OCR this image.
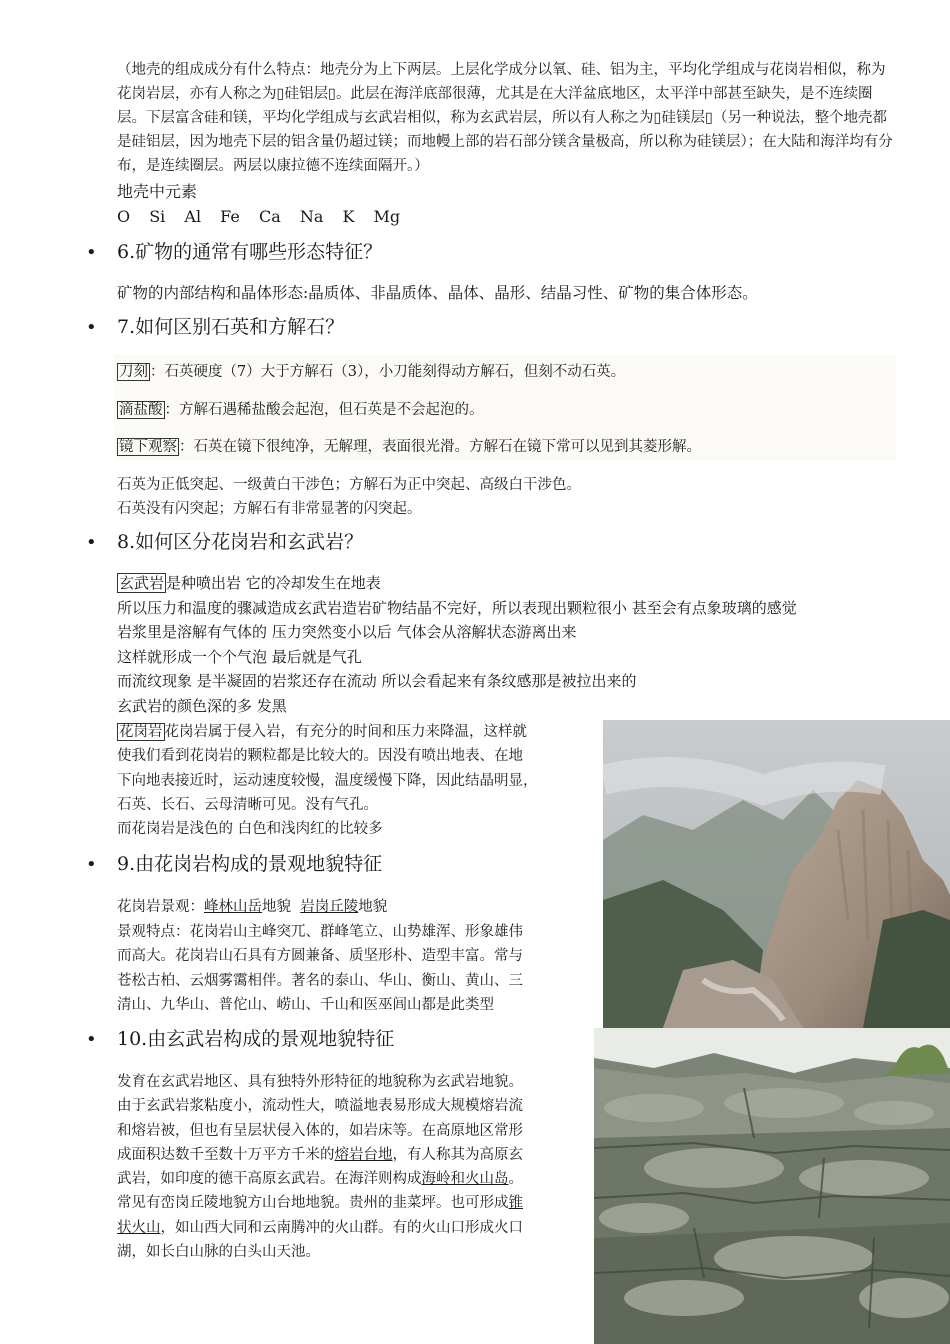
（地壳的组成成分有什么特点：地壳分为上下两层。上层化学成分以氧、硅、铝为主，平均化学组成与花岗岩相似，称为花岗岩层，亦有人称之为▯硅铝层▯。此层在海洋底部很薄，尤其是在大洋盆底地区，太平洋中部甚至缺失，是不连续圈层。下层富含硅和镁，平均化学组成与玄武岩相似，称为玄武岩层，所以有人称之为▯硅镁层▯（另一种说法，整个地壳都是硅铝层，因为地壳下层的铝含量仍超过镁；而地幔上部的岩石部分镁含量极高，所以称为硅镁层）；在大陆和海洋均有分布，是连续圈层。两层以康拉德不连续面隔开。）
地壳中元素
O Si Al Fe Ca Na K Mg
• 6.矿物的通常有哪些形态特征？
矿物的内部结构和晶体形态:晶质体、非晶质体、晶体、晶形、结晶习性、矿物的集合体形态。
• 7.如何区别石英和方解石？
刀刻 ：石英硬度（7）大于方解石（3），小刀能刻得动方解石，但刻不动石英。
滴盐酸 ：方解石遇稀盐酸会起泡，但石英是不会起泡的。
镜下观察 ：石英在镜下很纯净，无解理，表面很光滑。方解石在镜下常可以见到其菱形解。
石英为正低突起、一级黄白干涉色；方解石为正中突起、高级白干涉色。
石英没有闪突起；方解石有非常显著的闪突起。
• 8.如何区分花岗岩和玄武岩？
玄武岩 是种喷出岩 它的冷却发生在地表
所以压力和温度的骤减造成玄武岩造岩矿物结晶不完好，所以表现出颗粒很小 甚至会有点象玻璃的感觉
岩浆里是溶解有气体的 压力突然变小以后 气体会从溶解状态游离出来
这样就形成一个个气泡 最后就是气孔
而流纹现象 是半凝固的岩浆还存在流动 所以会看起来有条纹感那是被拉出来的
玄武岩的颜色深的多 发黑
花岗岩 花岗岩属于侵入岩，有充分的时间和压力来降温，这样就
使我们看到花岗岩的颗粒都是比较大的。因没有喷出地表、在地
下向地表接近时，运动速度较慢，温度缓慢下降，因此结晶明显，
石英、长石、云母清晰可见。没有气孔。
而花岗岩是浅色的 白色和浅肉红的比较多
• 9.由花岗岩构成的景观地貌特征
花岗岩景观：峰林山岳地貌  岩岗丘陵地貌
景观特点：花岗岩山主峰突兀、群峰笔立、山势雄浑、形象雄伟
而高大。花岗岩山石具有方圆兼备、质坚形朴、造型丰富。常与
苍松古柏、云烟雾霭相伴。著名的泰山、华山、衡山、黄山、三
清山、九华山、普佗山、崂山、千山和医巫闾山都是此类型
• 10.由玄武岩构成的景观地貌特征
发育在玄武岩地区、具有独特外形特征的地貌称为玄武岩地貌。
由于玄武岩浆粘度小，流动性大，喷溢地表易形成大规模熔岩流
和熔岩被，但也有呈层状侵入体的，如岩床等。在高原地区常形
成面积达数千至数十万平方千米的熔岩台地，有人称其为高原玄
武岩，如印度的德干高原玄武岩。在海洋则构成海岭和火山岛。
常见有峦岗丘陵地貌方山台地地貌。贵州的韭菜坪。也可形成锥
状火山，如山西大同和云南腾冲的火山群。有的火山口形成火口
湖，如长白山脉的白头山天池。
